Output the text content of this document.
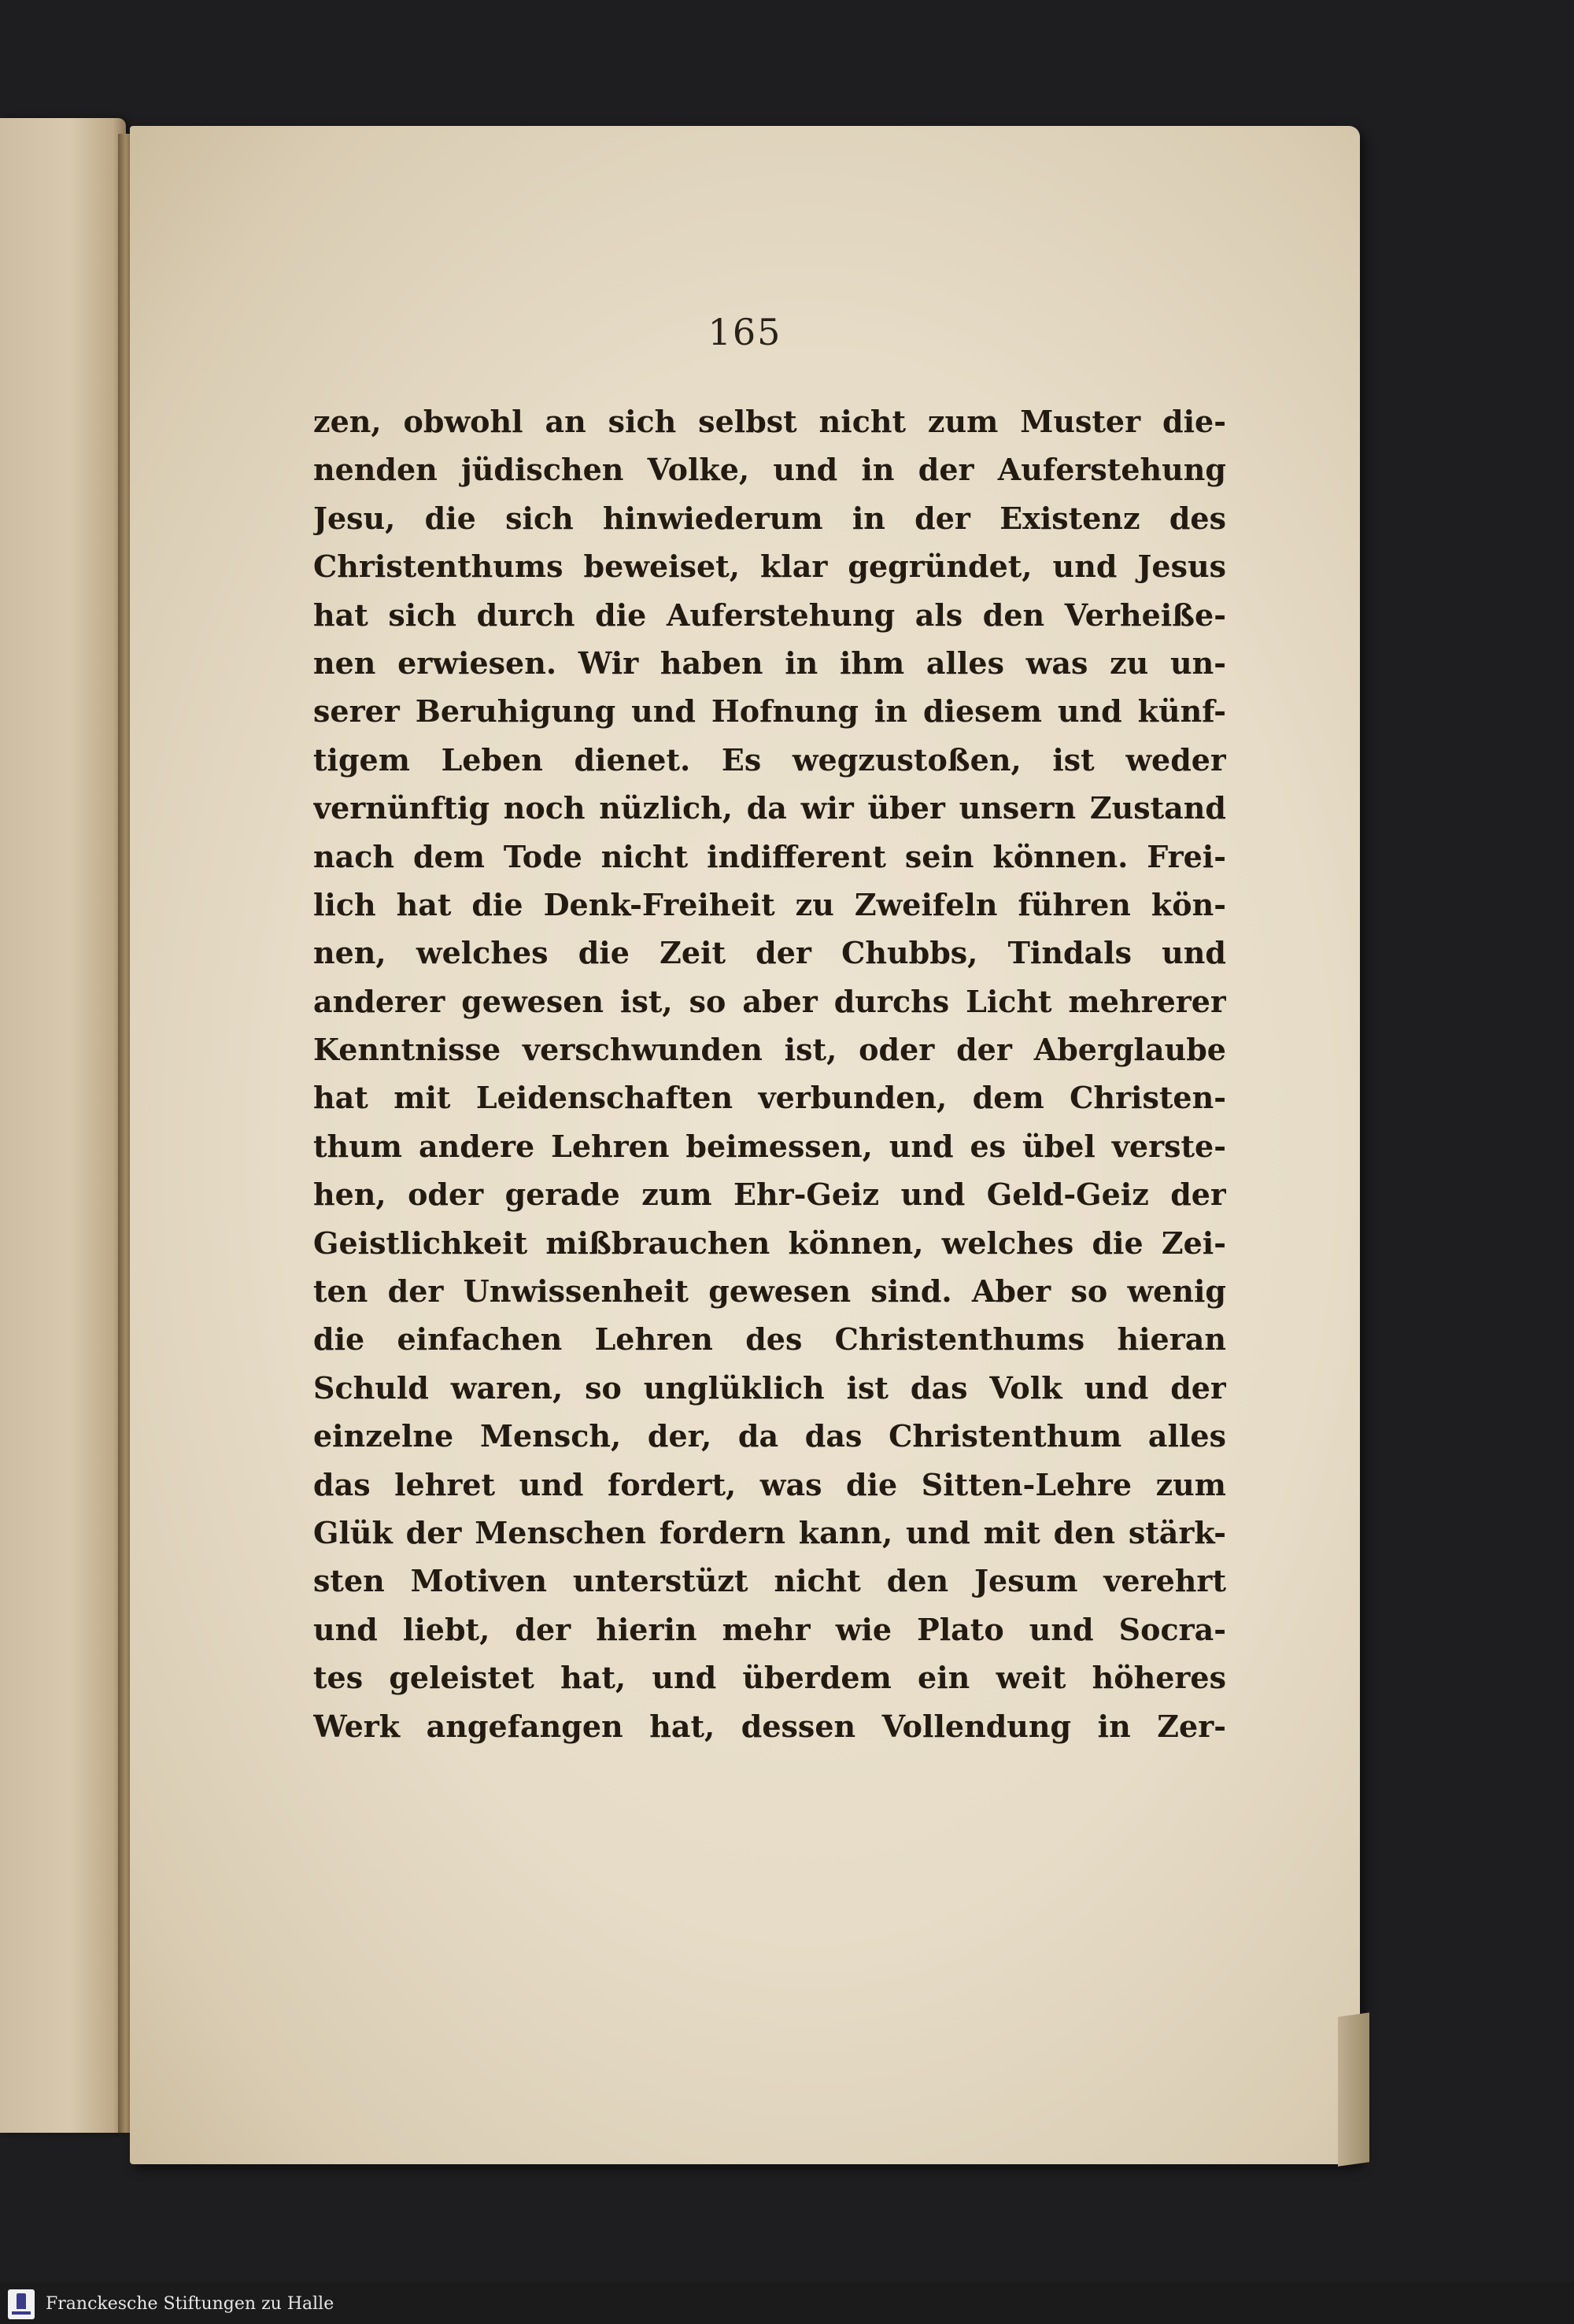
165
zen, obwohl an sich selbst nicht zum Muster die-
nenden jüdischen Volke, und in der Auferstehung
Jesu, die sich hinwiederum in der Existenz des
Christenthums beweiset, klar gegründet, und Jesus
hat sich durch die Auferstehung als den Verheiße-
nen erwiesen. Wir haben in ihm alles was zu un-
serer Beruhigung und Hofnung in diesem und künf-
tigem Leben dienet. Es wegzustoßen, ist weder
vernünftig noch nüzlich, da wir über unsern Zustand
nach dem Tode nicht indifferent sein können. Frei-
lich hat die Denk-Freiheit zu Zweifeln führen kön-
nen, welches die Zeit der Chubbs, Tindals und
anderer gewesen ist, so aber durchs Licht mehrerer
Kenntnisse verschwunden ist, oder der Aberglaube
hat mit Leidenschaften verbunden, dem Christen-
thum andere Lehren beimessen, und es übel verste-
hen, oder gerade zum Ehr-Geiz und Geld-Geiz der
Geistlichkeit mißbrauchen können, welches die Zei-
ten der Unwissenheit gewesen sind. Aber so wenig
die einfachen Lehren des Christenthums hieran
Schuld waren, so unglüklich ist das Volk und der
einzelne Mensch, der, da das Christenthum alles
das lehret und fordert, was die Sitten-Lehre zum
Glük der Menschen fordern kann, und mit den stärk-
sten Motiven unterstüzt nicht den Jesum verehrt
und liebt, der hierin mehr wie Plato und Socra-
tes geleistet hat, und überdem ein weit höheres
Werk angefangen hat, dessen Vollendung in Zer-
Franckesche Stiftungen zu Halle
